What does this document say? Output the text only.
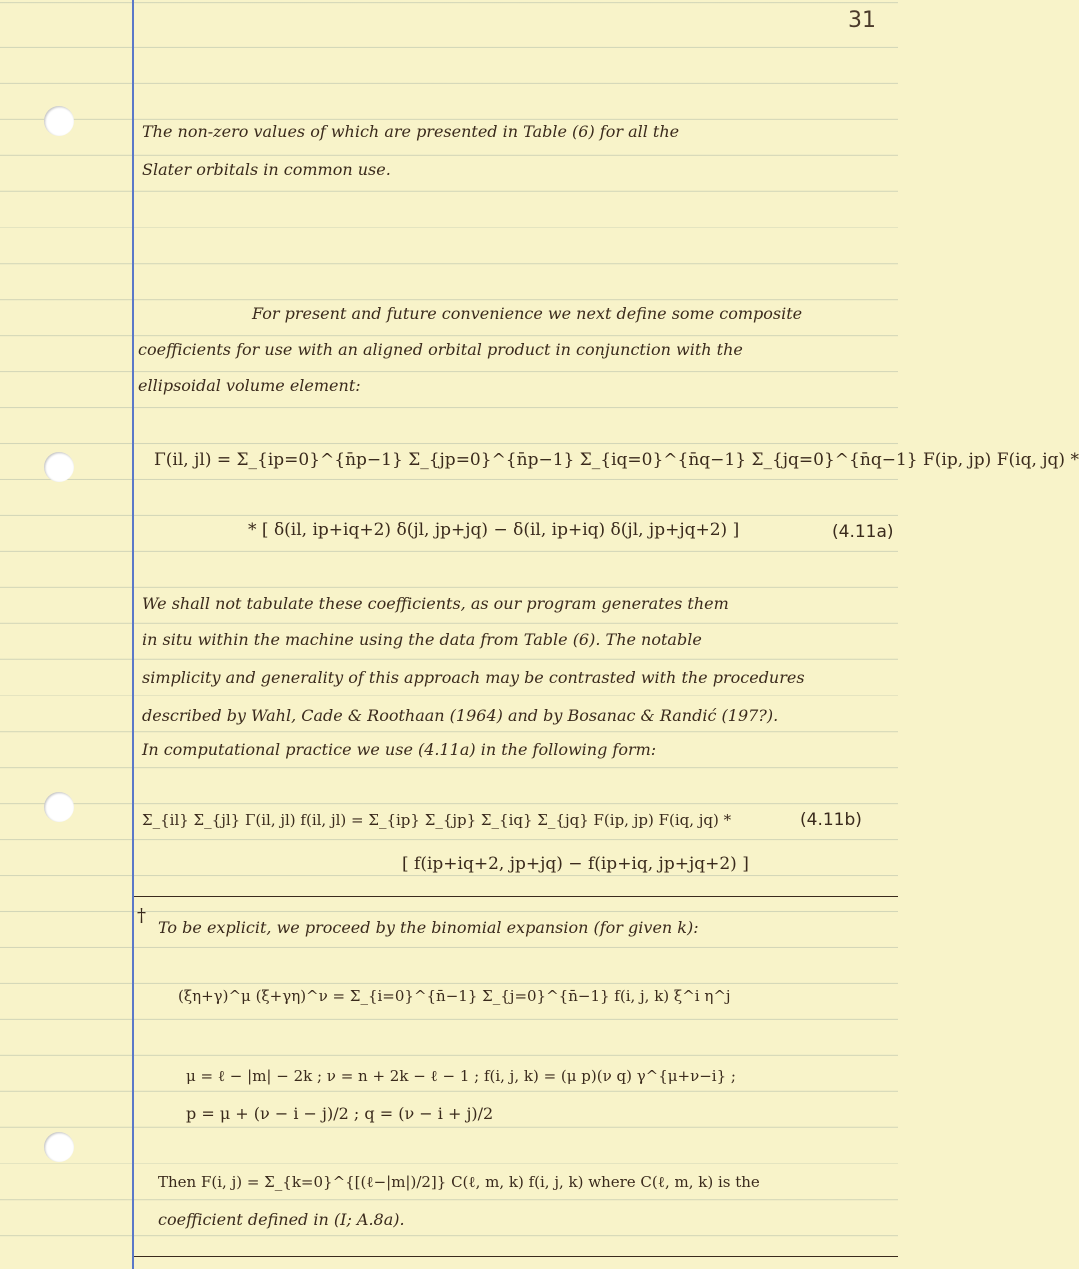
31
The non-zero values of which are presented in Table (6) for all the
Slater orbitals in common use.
For present and future convenience we next define some composite
coefficients for use with an aligned orbital product in conjunction with the
ellipsoidal volume element:
Γ(il, jl) = Σ_{ip=0}^{n̄p−1} Σ_{jp=0}^{n̄p−1} Σ_{iq=0}^{n̄q−1} Σ_{jq=0}^{n̄q−1} F(ip, jp) F(iq, jq) *
* [ δ(il, ip+iq+2) δ(jl, jp+jq) − δ(il, ip+iq) δ(jl, jp+jq+2) ]	(4.11a)
We shall not tabulate these coefficients, as our program generates them
in situ within the machine using the data from Table (6). The notable
simplicity and generality of this approach may be contrasted with the procedures
described by Wahl, Cade & Roothaan (1964) and by Bosanac & Randić (197?).
In computational practice we use (4.11a) in the following form:
Σ_{il} Σ_{jl} Γ(il, jl) f(il, jl) = Σ_{ip} Σ_{jp} Σ_{iq} Σ_{jq} F(ip, jp) F(iq, jq) *	(4.11b)
[ f(ip+iq+2, jp+jq) − f(ip+iq, jp+jq+2) ]
†
To be explicit, we proceed by the binomial expansion (for given k):
(ξη+γ)^μ (ξ+γη)^ν = Σ_{i=0}^{n̄−1} Σ_{j=0}^{n̄−1} f(i, j, k) ξ^i η^j
μ = ℓ − |m| − 2k ; ν = n + 2k − ℓ − 1 ; f(i, j, k) = (μ p)(ν q) γ^{μ+ν−i} ;
p = μ + (ν − i − j)/2 ; q = (ν − i + j)/2
Then F(i, j) = Σ_{k=0}^{[(ℓ−|m|)/2]} C(ℓ, m, k) f(i, j, k) where C(ℓ, m, k) is the
coefficient defined in (I; A.8a).
